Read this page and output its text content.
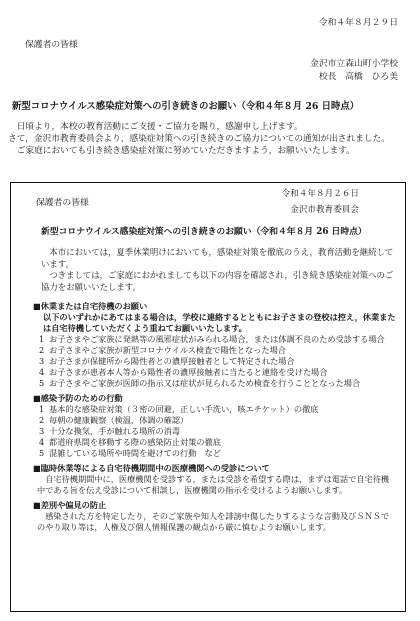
令和４年８月２９日
保護者の皆様
金沢市立森山町小学校
校長　高橋　ひろ美
新型コロナウイルス感染症対策への引き続きのお願い（令和４年８月 26 日時点）

日頃より，本校の教育活動にご支援・ご協力を賜り，感謝申し上げます。

さて，金沢市教育委員会より，感染症対策への引き続きのご協力についての通知が出されました。

ご家庭においても引き続き感染症対策に努めていただきますよう，お願いいたします。

令和４年８月２６日
保護者の皆様
金沢市教育委員会
新型コロナウイルス感染症対策への引き続きのお願い（令和４年８月 26 日時点）

本市においては，夏季休業明けにおいても，感染症対策を徹底のうえ，教育活動を継続しています。

つきましては，ご家庭におかれましても以下の内容を確認され，引き続き感染症対策へのご協力をお願いいたします。

■休業または自宅待機のお願い

以下のいずれかにあてはまる場合は，学校に連絡するとともにお子さまの登校は控え，休業または自宅待機していただくよう重ねてお願いいたします。

1 お子さまやご家族に発熱等の風邪症状がみられる場合，または体調不良のため受診する場合
2 お子さまやご家族が新型コロナウイルス検査で陽性となった場合
3 お子さまが保健所から陽性者との濃厚接触者として特定された場合
4 お子さまが患者本人等から陽性者の濃厚接触者に当たると連絡を受けた場合
5 お子さまやご家族が医師の指示又は症状が見られるため検査を行うこととなった場合

■感染予防のための行動

1 基本的な感染症対策（３密の回避，正しい手洗い，咳エチケット）の徹底
2 毎朝の健康観察（検温，体調の確認）
3 十分な換気，手が触れる場所の消毒
4 都道府県間を移動する際の感染防止対策の徹底
5 混雑している場所や時間を避けての行動　など

■臨時休業等による自宅待機期間中の医療機関への受診について

自宅待機期間中に，医療機関を受診する，または受診を希望する際は，まずは電話で自宅待機中である旨を伝え受診について相談し，医療機関の指示を受けるようお願いします。

■差別や偏見の防止

感染された方を特定したり，そのご家族や知人を誹謗中傷したりするような言動及びＳＮＳでのやり取り等は，人権及び個人情報保護の観点から厳に慎むようお願いします。
